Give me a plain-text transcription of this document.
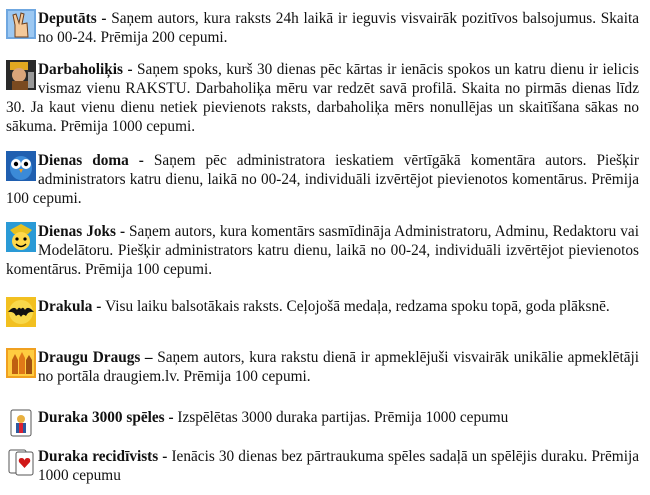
Deputāts - Saņem autors, kura raksts 24h laikā ir ieguvis visvairāk pozitīvos balsojumus. Skaita no 00-24. Prēmija 200 cepumi.
Darbaholiķis - Saņem spoks, kurš 30 dienas pēc kārtas ir ienācis spokos un katru dienu ir ielicis vismaz vienu RAKSTU. Darbaholiķa mēru var redzēt savā profilā. Skaita no pirmās dienas līdz 30. Ja kaut vienu dienu netiek pievienots raksts, darbaholiķa mērs nonullējas un skaitīšana sākas no sākuma. Prēmija 1000 cepumi.
Dienas doma - Saņem pēc administratora ieskatiem vērtīgākā komentāra autors. Piešķir administrators katru dienu, laikā no 00-24, individuāli izvērtējot pievienotos komentārus. Prēmija 100 cepumi.
Dienas Joks - Saņem autors, kura komentārs sasmīdināja Administratoru, Adminu, Redaktoru vai Modelātoru. Piešķir administrators katru dienu, laikā no 00-24, individuāli izvērtējot pievienotos komentārus. Prēmija 100 cepumi.
Drakula - Visu laiku balsotākais raksts. Ceļojošā medaļa, redzama spoku topā, goda plāksnē.
Draugu Draugs – Saņem autors, kura rakstu dienā ir apmeklējuši visvairāk unikālie apmeklētāji no portāla draugiem.lv. Prēmija 100 cepumi.
Duraka 3000 spēles - Izspēlētas 3000 duraka partijas. Prēmija 1000 cepumu
Duraka recidīvists - Ienācis 30 dienas bez pārtraukuma spēles sadaļā un spēlējis duraku. Prēmija 1000 cepumu
